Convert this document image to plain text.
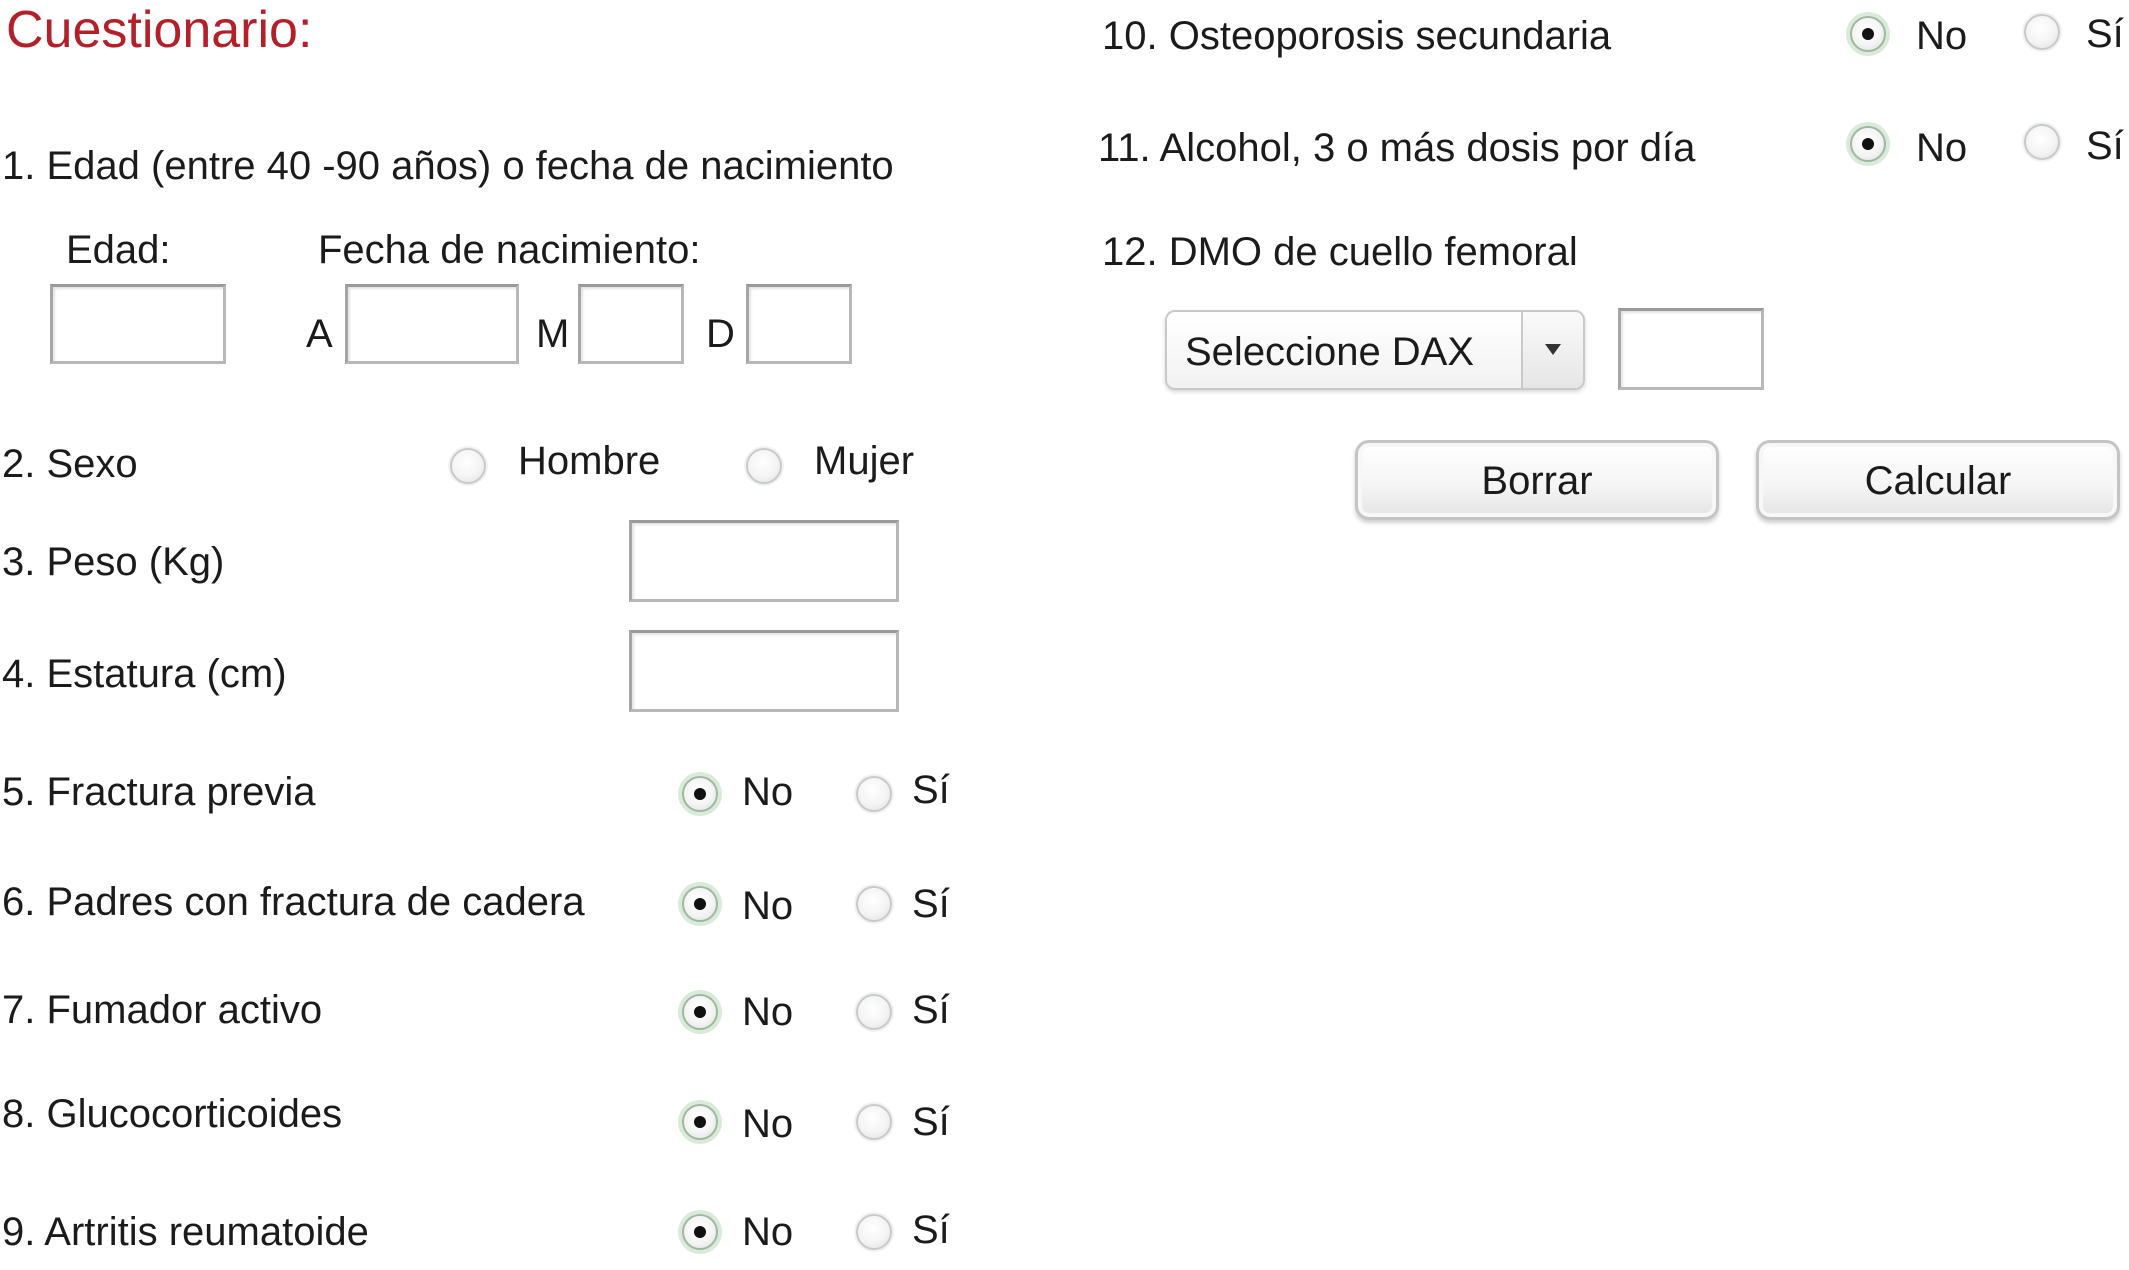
Cuestionario:
1. Edad (entre 40 -90 años) o fecha de nacimiento
Edad:	Fecha de nacimiento:
A	M	D
2. Sexo	Hombre	Mujer
3. Peso (Kg)
4. Estatura (cm)
5. Fractura previa	No	Sí
6. Padres con fractura de cadera	No	Sí
7. Fumador activo	No	Sí
8. Glucocorticoides	No	Sí
9. Artritis reumatoide	No	Sí
10. Osteoporosis secundaria	No	Sí
11. Alcohol, 3 o más dosis por día	No	Sí
12. DMO de cuello femoral
Seleccione DAX
Borrar	Calcular
